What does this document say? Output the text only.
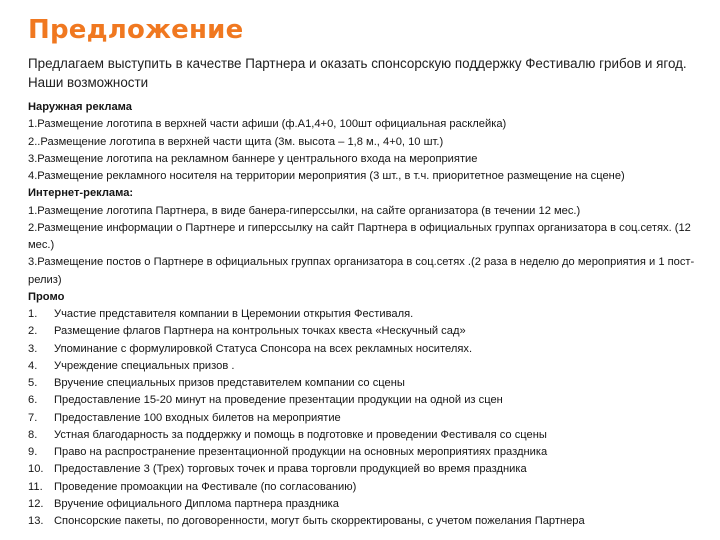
Предложение
Предлагаем выступить в качестве Партнера и оказать спонсорскую поддержку Фестивалю грибов и ягод. Наши возможности

Наружная реклама

1.Размещение логотипа в верхней части афиши (ф.А1,4+0, 100шт официальная расклейка)

2..Размещение логотипа в верхней части щита (3м. высота – 1,8 м., 4+0, 10 шт.)

3.Размещение логотипа на рекламном баннере у центрального входа на мероприятие

4.Размещение рекламного носителя на территории мероприятия (3 шт., в т.ч. приоритетное размещение на сцене)

Интернет-реклама:

1.Размещение логотипа Партнера, в виде банера-гиперссылки, на сайте организатора (в течении 12 мес.)

2.Размещение информации о Партнере и гиперссылку на сайт Партнера в официальных группах организатора в соц.сетях. (12 мес.)

3.Размещение постов о Партнере в официальных группах организатора в соц.сетях .(2 раза в неделю до мероприятия и 1 пост-релиз)

Промо

1.	Участие представителя компании в Церемонии открытия Фестиваля.
2.	Размещение флагов Партнера на контрольных точках квеста «Нескучный сад»
3.	Упоминание с формулировкой Статуса Спонсора на всех рекламных носителях.
4.	Учреждение специальных призов .
5.	Вручение специальных призов представителем компании со сцены
6.	Предоставление 15-20 минут на проведение презентации продукции на одной из сцен
7.	Предоставление 100 входных билетов на мероприятие
8.	Устная благодарность за поддержку и помощь в подготовке и проведении Фестиваля со сцены
9.	Право на распространение презентационной продукции на основных мероприятиях праздника
10. Предоставление 3 (Трех) торговых точек и права торговли продукцией во время праздника
11.	Проведение промоакции на Фестивале (по согласованию)
12. Вручение официального Диплома партнера праздника
13. Спонсорские пакеты, по договоренности, могут быть скорректированы, с учетом пожелания Партнера
